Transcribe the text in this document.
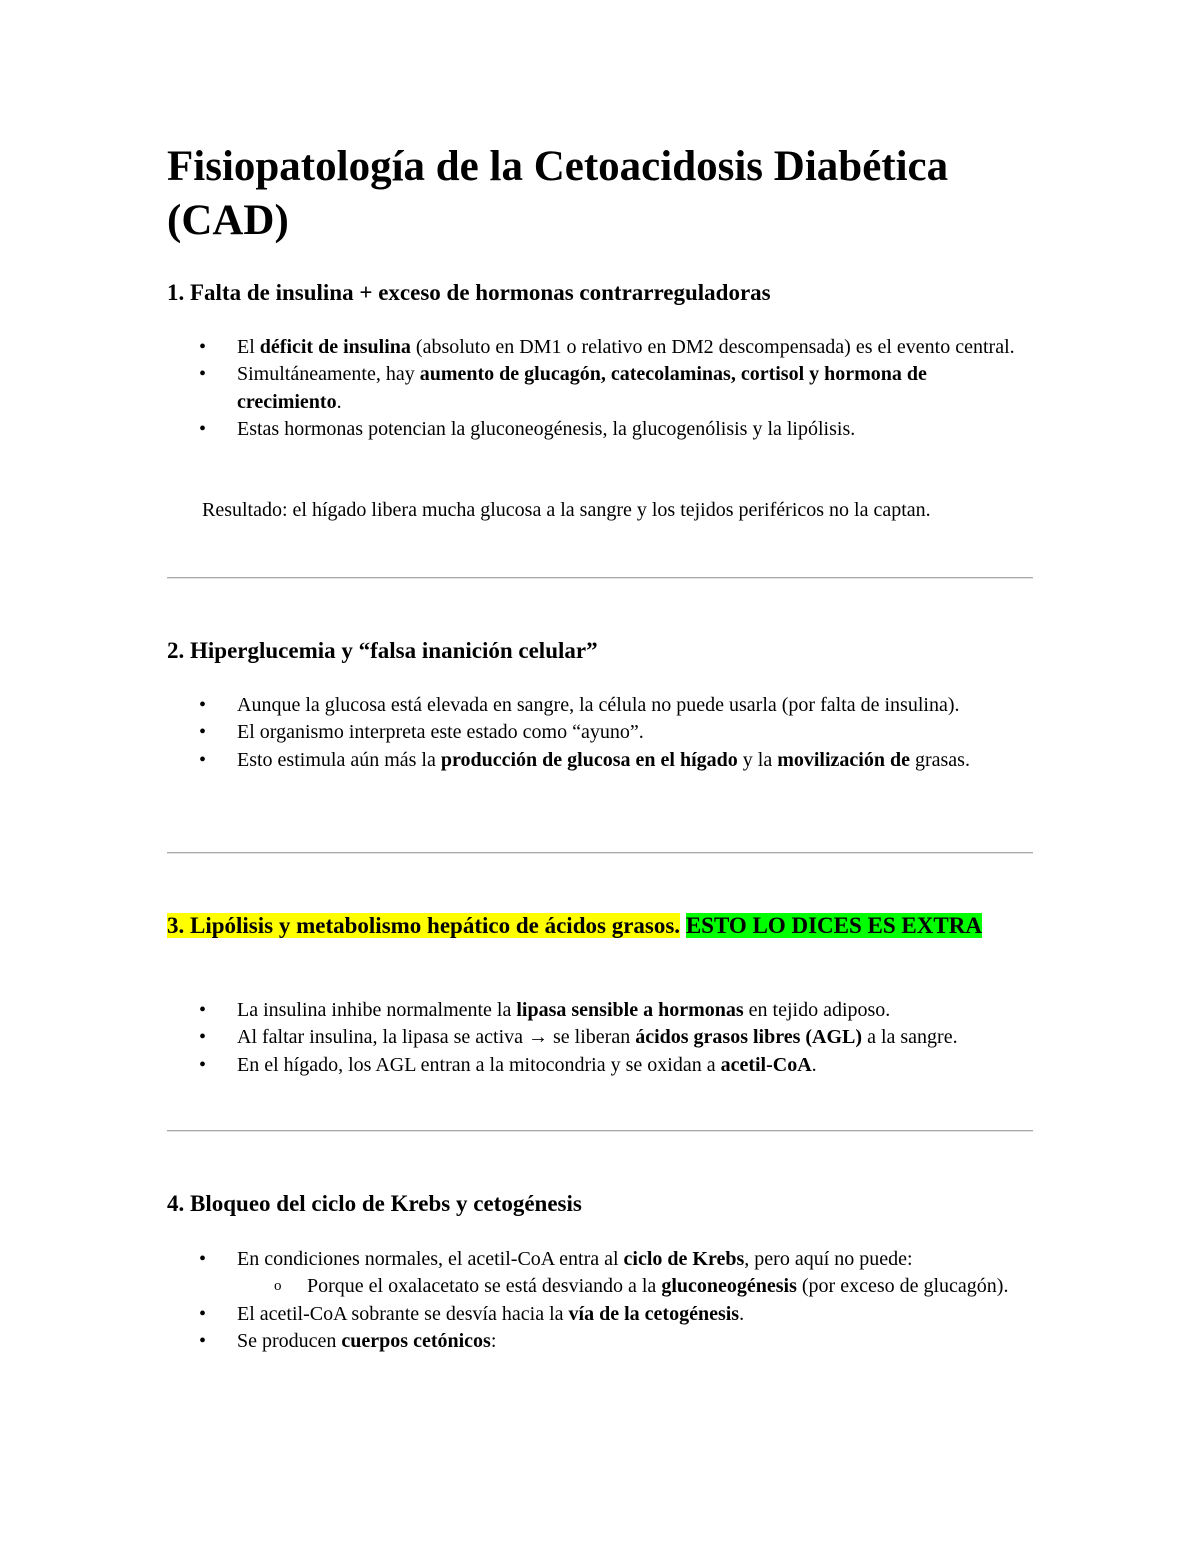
Fisiopatología de la Cetoacidosis Diabética (CAD)
1. Falta de insulina + exceso de hormonas contrarreguladoras
• El déficit de insulina (absoluto en DM1 o relativo en DM2 descompensada) es el evento central.
• Simultáneamente, hay aumento de glucagón, catecolaminas, cortisol y hormona de crecimiento.
• Estas hormonas potencian la gluconeogénesis, la glucogenólisis y la lipólisis.

Resultado: el hígado libera mucha glucosa a la sangre y los tejidos periféricos no la captan.

2. Hiperglucemia y “falsa inanición celular”
• Aunque la glucosa está elevada en sangre, la célula no puede usarla (por falta de insulina).
• El organismo interpreta este estado como “ayuno”.
• Esto estimula aún más la producción de glucosa en el hígado y la movilización de grasas.
3. Lipólisis y metabolismo hepático de ácidos grasos. ESTO LO DICES ES EXTRA
• La insulina inhibe normalmente la lipasa sensible a hormonas en tejido adiposo.
• Al faltar insulina, la lipasa se activa → se liberan ácidos grasos libres (AGL) a la sangre.
• En el hígado, los AGL entran a la mitocondria y se oxidan a acetil-CoA.
4. Bloqueo del ciclo de Krebs y cetogénesis
• En condiciones normales, el acetil-CoA entra al ciclo de Krebs, pero aquí no puede:
o Porque el oxalacetato se está desviando a la gluconeogénesis (por exceso de glucagón).
• El acetil-CoA sobrante se desvía hacia la vía de la cetogénesis.
• Se producen cuerpos cetónicos:
